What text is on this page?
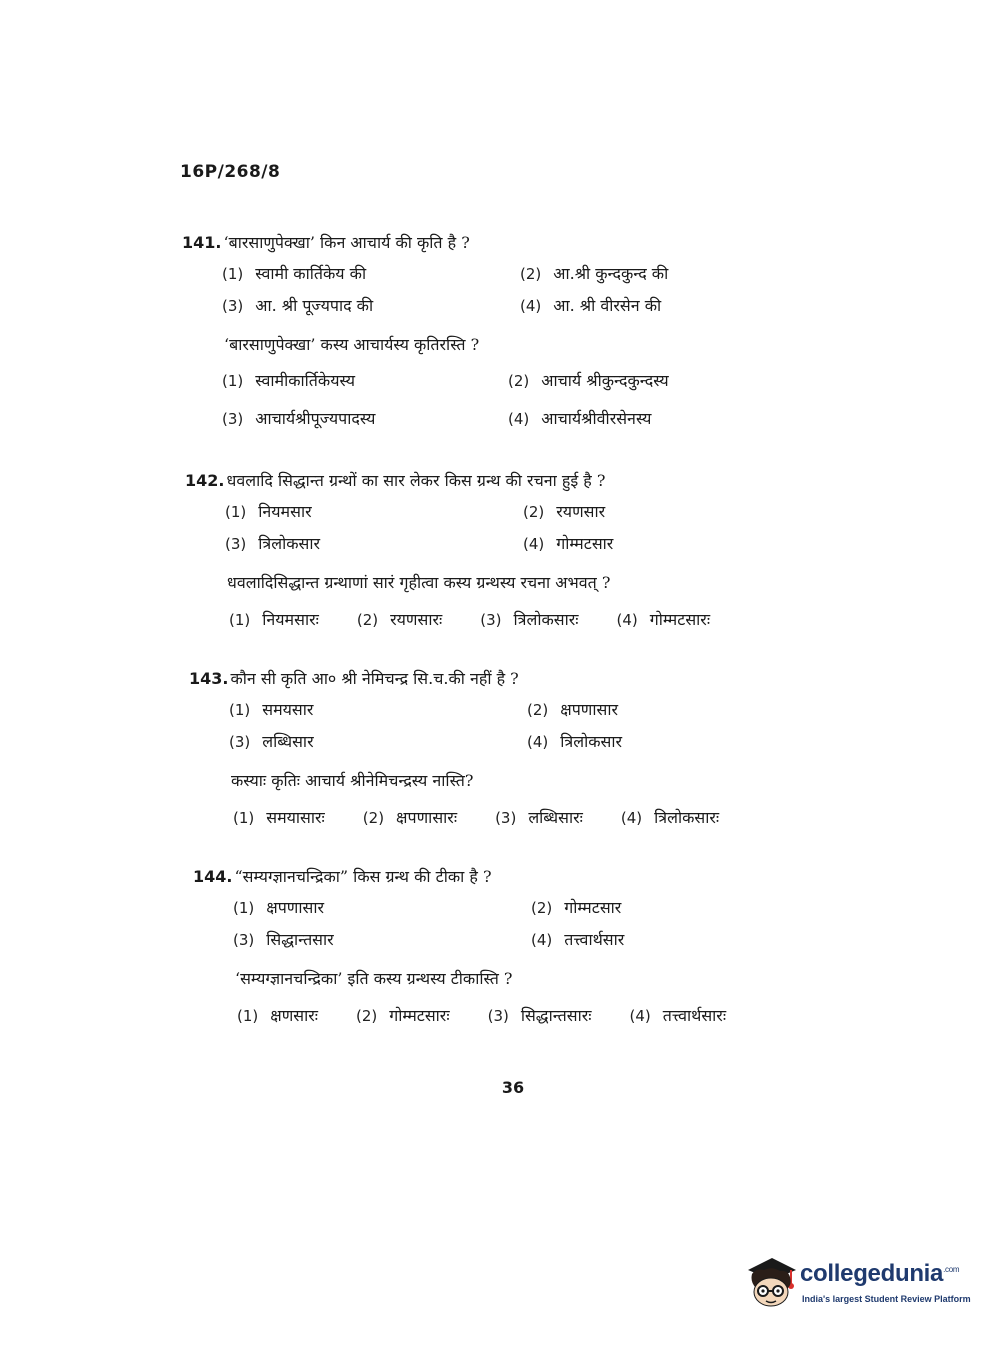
16P/268/8
141. ‘बारसाणुपेक्खा’ किन आचार्य की कृति है ?
(1) स्वामी कार्तिकेय की	(2) आ.श्री कुन्दकुन्द की
(3) आ. श्री पूज्यपाद की	(4) आ. श्री वीरसेन की
‘बारसाणुपेक्खा’ कस्य आचार्यस्य कृतिरस्ति ?
(1) स्वामीकार्तिकेयस्य	(2) आचार्य श्रीकुन्दकुन्दस्य
(3) आचार्यश्रीपूज्यपादस्य	(4) आचार्यश्रीवीरसेनस्य
142. धवलादि सिद्धान्त ग्रन्थों का सार लेकर किस ग्रन्थ की रचना हुई है ?
(1) नियमसार	(2) रयणसार
(3) त्रिलोकसार	(4) गोम्मटसार
धवलादिसिद्धान्त ग्रन्थाणां सारं गृहीत्वा कस्य ग्रन्थस्य रचना अभवत् ?
(1) नियमसारः	(2) रयणसारः	(3) त्रिलोकसारः	(4) गोम्मटसारः
143. कौन सी कृति आ० श्री नेमिचन्द्र सि.च.की नहीं है ?
(1) समयसार	(2) क्षपणासार
(3) लब्धिसार	(4) त्रिलोकसार
कस्याः कृतिः आचार्य श्रीनेमिचन्द्रस्य नास्ति?
(1) समयासारः	(2) क्षपणासारः	(3) लब्धिसारः	(4) त्रिलोकसारः
144. “सम्यग्ज्ञानचन्द्रिका” किस ग्रन्थ की टीका है ?
(1) क्षपणासार	(2) गोम्मटसार
(3) सिद्धान्तसार	(4) तत्त्वार्थसार
‘सम्यग्ज्ञानचन्द्रिका’ इति कस्य ग्रन्थस्य टीकास्ति ?
(1) क्षणसारः	(2) गोम्मटसारः	(3) सिद्धान्तसारः	(4) तत्त्वार्थसारः
36
collegedunia$^{.com}$
India's largest Student Review Platform
